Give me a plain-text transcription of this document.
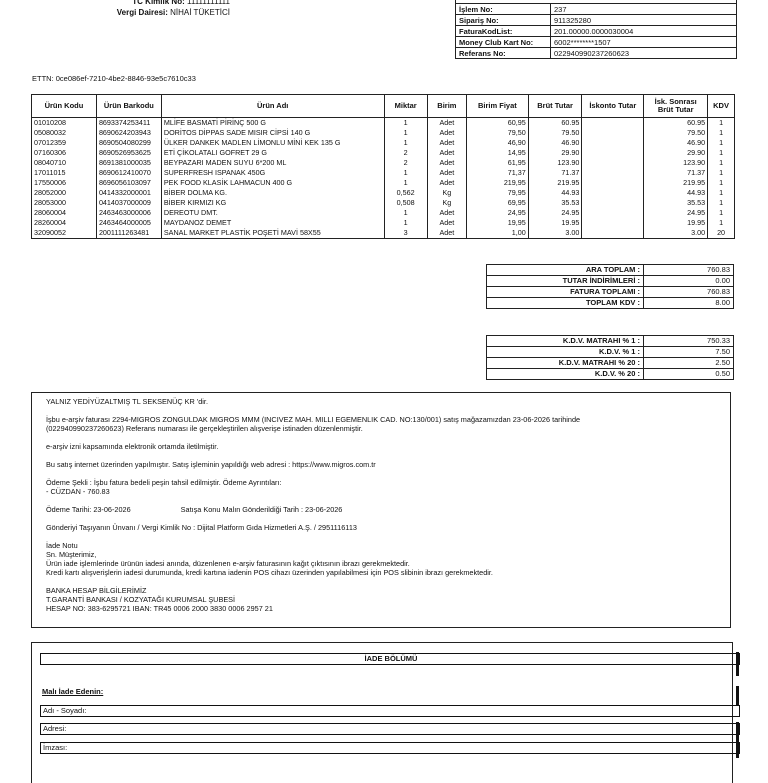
TC Kimlik No: 11111111111
Vergi Dairesi: NİHAİ TÜKETİCİ	İşlem No:	237
Sipariş No:	911325280
FaturaKodList:	201.00000.0000030004
Money Club Kart No:	6002********1507
Referans No:	022940990237260623
ETTN: 0ce086ef-7210-4be2-8846-93e5c7610c33
Ürün Kodu	Ürün Barkodu	Ürün Adı	Miktar	Birim	Birim Fiyat	Brüt Tutar	İskonto Tutar	İsk. Sonrası Brüt Tutar	KDV
01010208	8693374253411	MLİFE BASMATİ PİRİNÇ 500 G	1	Adet	60,95	60.95		60.95	1
05080032	8690624203943	DORİTOS DİPPAS SADE MISIR CİPSİ 140 G	1	Adet	79,50	79.50		79.50	1
07012359	8690504080299	ÜLKER DANKEK MADLEN LİMONLU MİNİ KEK 135 G	1	Adet	46,90	46.90		46.90	1
07160306	8690526953625	ETİ ÇİKOLATALI GOFRET 29 G	2	Adet	14,95	29.90		29.90	1
08040710	8691381000035	BEYPAZARI MADEN SUYU 6*200 ML	2	Adet	61,95	123.90		123.90	1
17011015	8690612410070	SUPERFRESH ISPANAK 450G	1	Adet	71,37	71.37		71.37	1
17550006	8696056103097	PEK FOOD KLASİK LAHMACUN 400 G	1	Adet	219,95	219.95		219.95	1
28052000	0414332000001	BİBER DOLMA KG.	0,562	Kg	79,95	44.93		44.93	1
28053000	0414037000009	BİBER KIRMIZI KG	0,508	Kg	69,95	35.53		35.53	1
28060004	2463463000006	DEREOTU DMT.	1	Adet	24,95	24.95		24.95	1
28260004	2463464000005	MAYDANOZ DEMET	1	Adet	19,95	19.95		19.95	1
32090052	2001111263481	SANAL MARKET PLASTİK POŞETİ MAVİ 58X55	3	Adet	1,00	3.00		3.00	20
ARA TOPLAM :	760.83
TUTAR İNDİRİMLERİ :	0.00
FATURA TOPLAMI :	760.83
TOPLAM KDV :	8.00
K.D.V. MATRAHI % 1 :	750.33
K.D.V. % 1 :	7.50
K.D.V. MATRAHI % 20 :	2.50
K.D.V. % 20 :	0.50

YALNIZ YEDİYÜZALTMIŞ TL SEKSENÜÇ KR 'dir.

İşbu e-arşiv faturası 2294-MIGROS ZONGULDAK MIGROS MMM (INCIVEZ MAH. MILLI EGEMENLIK CAD. NO:130/001) satış mağazamızdan 23-06-2026 tarihinde
(022940990237260623) Referans numarası ile gerçekleştirilen alışverişe istinaden düzenlenmiştir.

e-arşiv izni kapsamında elektronik ortamda iletilmiştir.

Bu satış internet üzerinden yapılmıştır. Satış işleminin yapıldığı web adresi : https://www.migros.com.tr

Ödeme Şekli : İşbu fatura bedeli peşin tahsil edilmiştir. Ödeme Ayrıntıları:
- CÜZDAN - 760.83

Ödeme Tarihi: 23-06-2026	Satışa Konu Malın Gönderildiği Tarih : 23-06-2026

Gönderiyi Taşıyanın Ünvanı / Vergi Kimlik No : Dijital Platform Gıda Hizmetleri A.Ş. / 2951116113

İade Notu
Sn. Müşterimiz,
Ürün iade işlemlerinde ürünün iadesi anında, düzenlenen e-arşiv faturasının kağıt çıktısının ibrazı gerekmektedir.
Kredi kartı alışverişlerin iadesi durumunda, kredi kartına iadenin POS cihazı üzerinden yapılabilmesi için POS slibinin ibrazı gerekmektedir.

BANKA HESAP BİLGİLERİMİZ
T.GARANTİ BANKASI / KOZYATAĞI KURUMSAL ŞUBESİ
HESAP NO: 383-6295721 IBAN: TR45 0006 2000 3830 0006 2957 21

İADE BÖLÜMÜ
Malı İade Edenin:
Adı - Soyadı:
Adresi:
İmzası:
